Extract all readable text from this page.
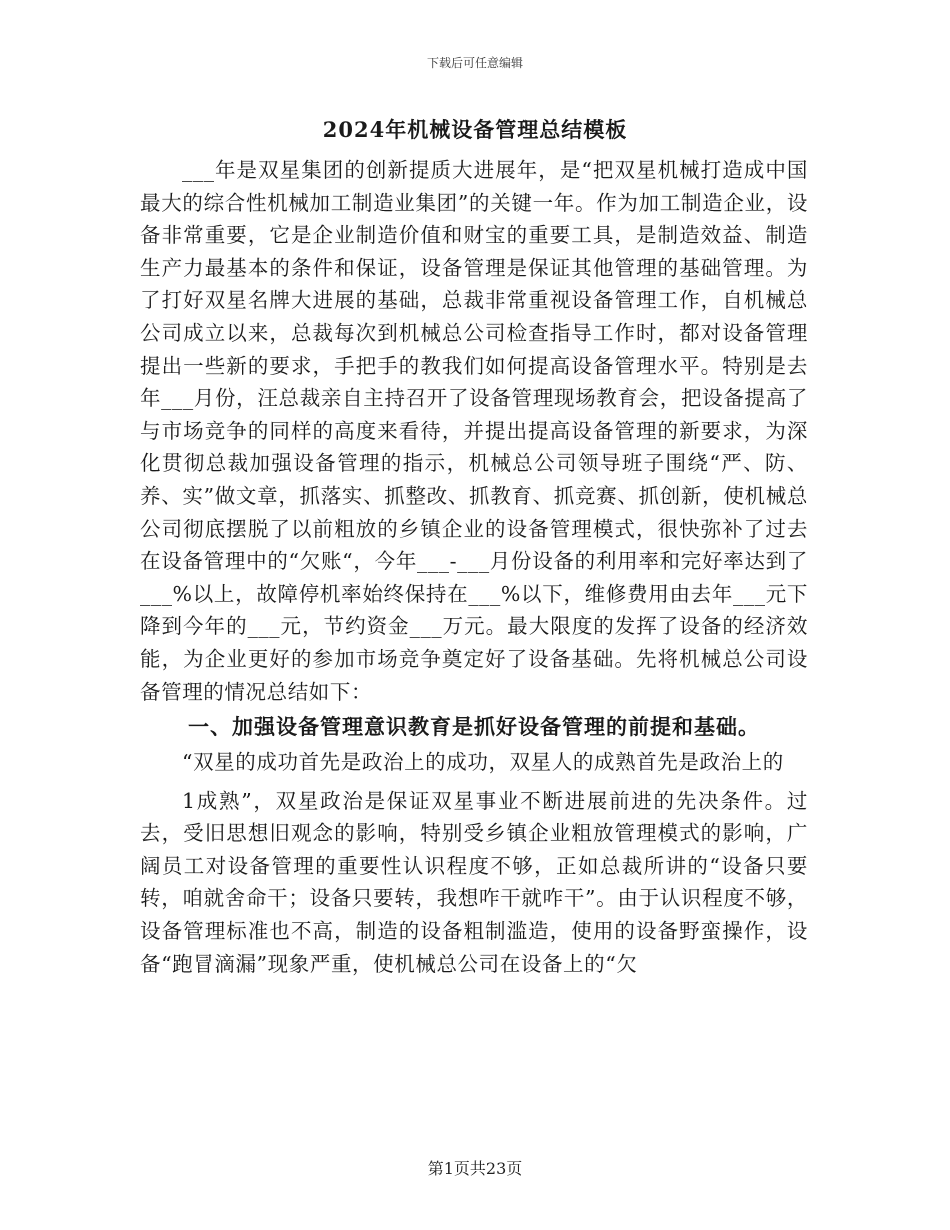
下载后可任意编辑
2024年机械设备管理总结模板

___年是双星集团的创新提质大进展年，是“把双星机械打造成中国最大的综合性机械加工制造业集团”的关键一年。作为加工制造企业，设备非常重要，它是企业制造价值和财宝的重要工具，是制造效益、制造生产力最基本的条件和保证，设备管理是保证其他管理的基础管理。为了打好双星名牌大进展的基础，总裁非常重视设备管理工作，自机械总公司成立以来，总裁每次到机械总公司检查指导工作时，都对设备管理提出一些新的要求，手把手的教我们如何提高设备管理水平。特别是去年___月份，汪总裁亲自主持召开了设备管理现场教育会，把设备提高了与市场竞争的同样的高度来看待，并提出提高设备管理的新要求，为深化贯彻总裁加强设备管理的指示，机械总公司领导班子围绕“严、防、养、实”做文章，抓落实、抓整改、抓教育、抓竞赛、抓创新，使机械总公司彻底摆脱了以前粗放的乡镇企业的设备管理模式，很快弥补了过去在设备管理中的“欠账“，今年___-___月份设备的利用率和完好率达到了___%以上，故障停机率始终保持在___%以下，维修费用由去年___元下降到今年的___元，节约资金___万元。最大限度的发挥了设备的经济效能，为企业更好的参加市场竞争奠定好了设备基础。先将机械总公司设备管理的情况总结如下：

一、加强设备管理意识教育是抓好设备管理的前提和基础。

“双星的成功首先是政治上的成功，双星人的成熟首先是政治上的

1成熟”，双星政治是保证双星事业不断进展前进的先决条件。过去，受旧思想旧观念的影响，特别受乡镇企业粗放管理模式的影响，广阔员工对设备管理的重要性认识程度不够，正如总裁所讲的“设备只要转，咱就舍命干；设备只要转，我想咋干就咋干”。由于认识程度不够，设备管理标准也不高，制造的设备粗制滥造，使用的设备野蛮操作，设备“跑冒滴漏”现象严重，使机械总公司在设备上的“欠

第1页共23页
